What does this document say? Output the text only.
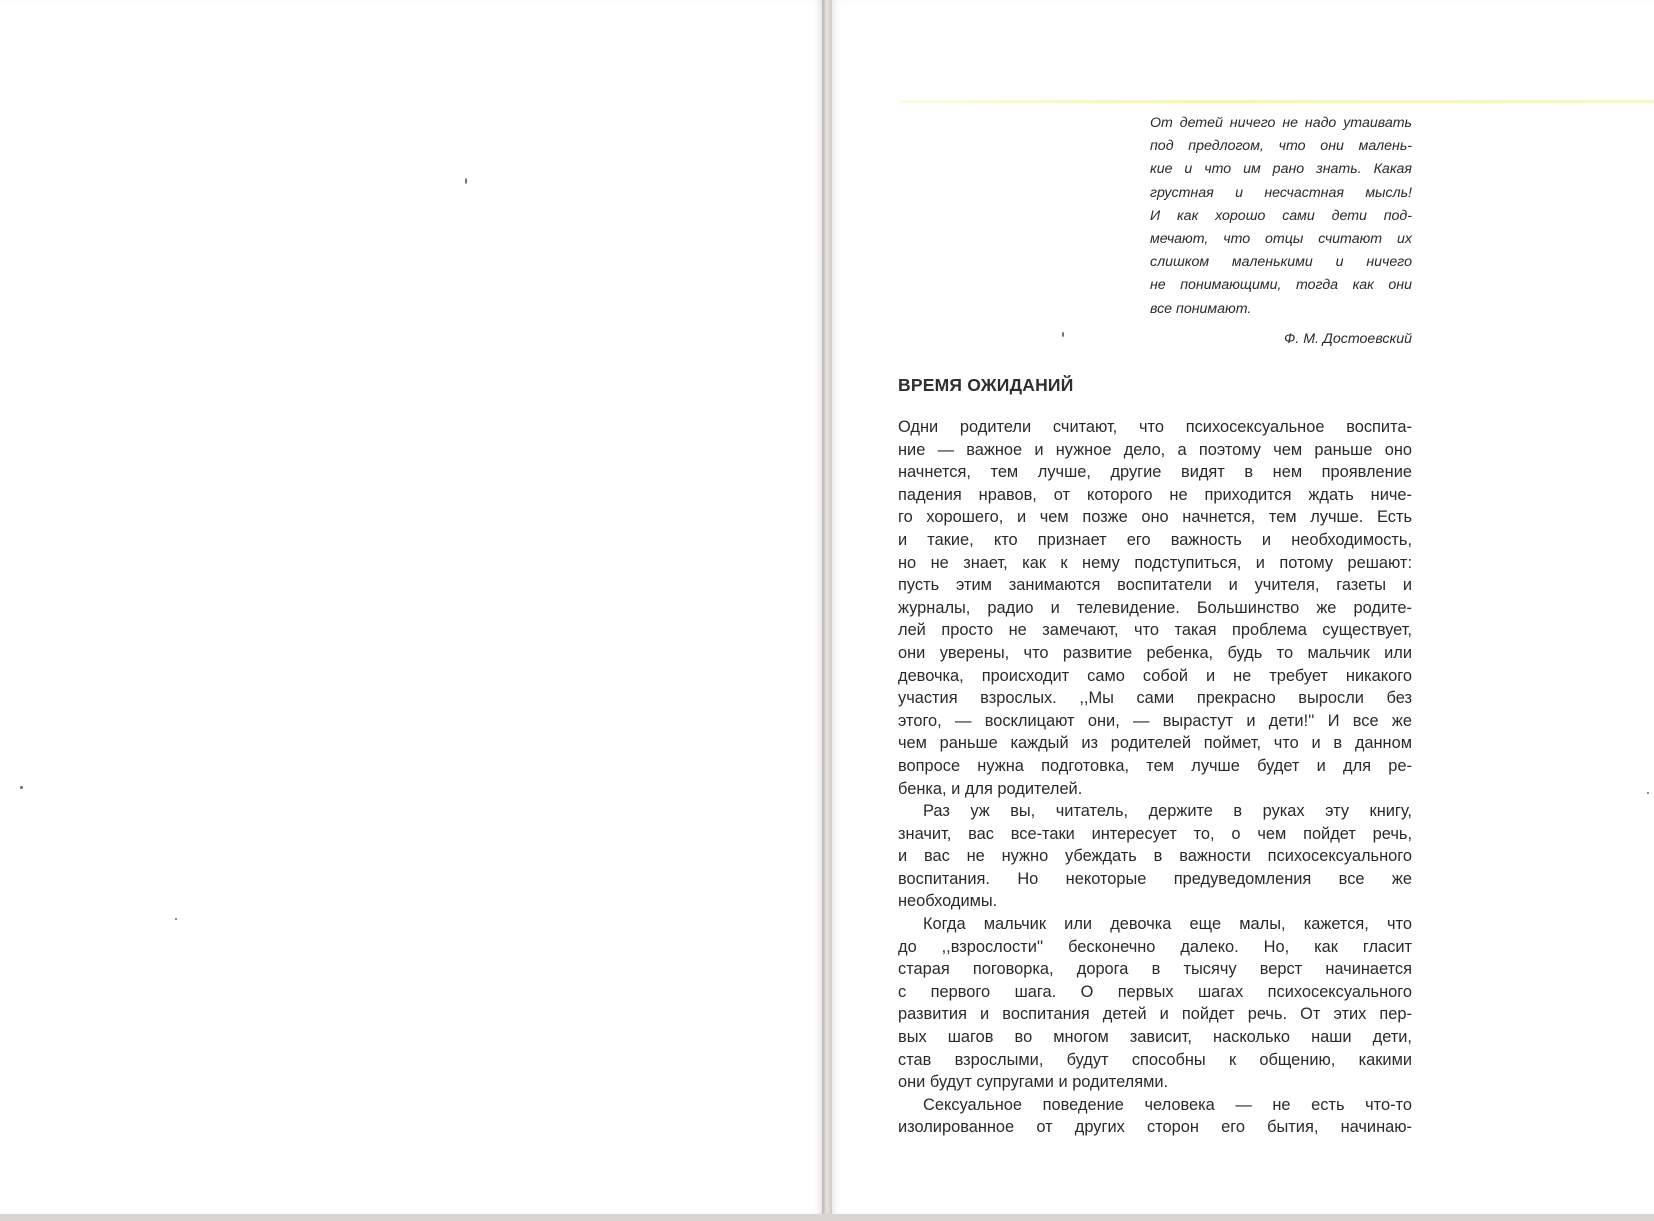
От детей ничего не надо утаивать
под предлогом, что они малень-
кие и что им рано знать. Какая
грустная и несчастная мысль!
И как хорошо сами дети под-
мечают, что отцы считают их
слишком маленькими и ничего
не понимающими, тогда как они
все понимают.
Ф. М. Достоевский
ВРЕМЯ ОЖИДАНИЙ
Одни родители считают, что психосексуальное воспита-
ние — важное и нужное дело, а поэтому чем раньше оно
начнется, тем лучше, другие видят в нем проявление
падения нравов, от которого не приходится ждать ниче-
го хорошего, и чем позже оно начнется, тем лучше. Есть
и такие, кто признает его важность и необходимость,
но не знает, как к нему подступиться, и потому решают:
пусть этим занимаются воспитатели и учителя, газеты и
журналы, радио и телевидение. Большинство же родите-
лей просто не замечают, что такая проблема существует,
они уверены, что развитие ребенка, будь то мальчик или
девочка, происходит само собой и не требует никакого
участия взрослых. ,,Мы сами прекрасно выросли без
этого, — восклицают они, — вырастут и дети!'' И все же
чем раньше каждый из родителей поймет, что и в данном
вопросе нужна подготовка, тем лучше будет и для ре-
бенка, и для родителей.
Раз уж вы, читатель, держите в руках эту книгу,
значит, вас все-таки интересует то, о чем пойдет речь,
и вас не нужно убеждать в важности психосексуального
воспитания. Но некоторые предуведомления все же
необходимы.
Когда мальчик или девочка еще малы, кажется, что
до ,,взрослости'' бесконечно далеко. Но, как гласит
старая поговорка, дорога в тысячу верст начинается
с первого шага. О первых шагах психосексуального
развития и воспитания детей и пойдет речь. От этих пер-
вых шагов во многом зависит, насколько наши дети,
став взрослыми, будут способны к общению, какими
они будут супругами и родителями.
Сексуальное поведение человека — не есть что-то
изолированное от других сторон его бытия, начинаю-
